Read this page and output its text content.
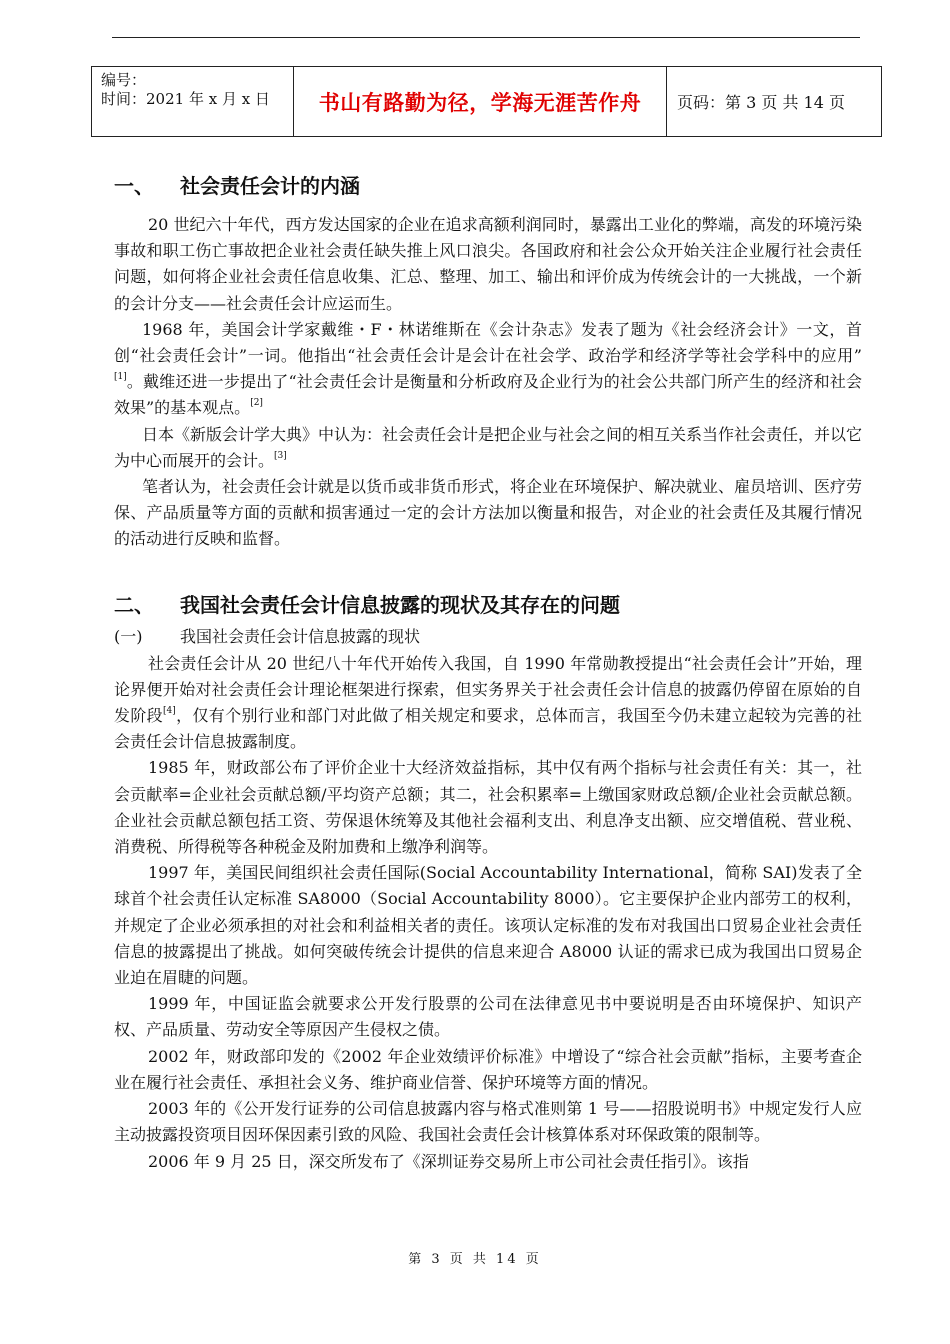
编号：
时间：2021 年 x 月 x 日	书山有路勤为径，学海无涯苦作舟 页码：第 3 页 共 14 页
一、 社会责任会计的内涵

20 世纪六十年代，西方发达国家的企业在追求高额利润同时，暴露出工业化的弊端，高发的环境污染事故和职工伤亡事故把企业社会责任缺失推上风口浪尖。各国政府和社会公众开始关注企业履行社会责任问题，如何将企业社会责任信息收集、汇总、整理、加工、输出和评价成为传统会计的一大挑战，一个新的会计分支——社会责任会计应运而生。

1968 年，美国会计学家戴维・F・林诺维斯在《会计杂志》发表了题为《社会经济会计》一文，首创“社会责任会计”一词。他指出“社会责任会计是会计在社会学、政治学和经济学等社会学科中的应用” [1]。戴维还进一步提出了“社会责任会计是衡量和分析政府及企业行为的社会公共部门所产生的经济和社会效果”的基本观点。[2]

日本《新版会计学大典》中认为：社会责任会计是把企业与社会之间的相互关系当作社会责任，并以它为中心而展开的会计。[3]

笔者认为，社会责任会计就是以货币或非货币形式，将企业在环境保护、解决就业、雇员培训、医疗劳保、产品质量等方面的贡献和损害通过一定的会计方法加以衡量和报告，对企业的社会责任及其履行情况的活动进行反映和监督。

二、 我国社会责任会计信息披露的现状及其存在的问题
(一) 我国社会责任会计信息披露的现状

社会责任会计从 20 世纪八十年代开始传入我国，自 1990 年常勋教授提出“社会责任会计”开始，理论界便开始对社会责任会计理论框架进行探索，但实务界关于社会责任会计信息的披露仍停留在原始的自发阶段[4]，仅有个别行业和部门对此做了相关规定和要求，总体而言，我国至今仍未建立起较为完善的社会责任会计信息披露制度。

1985 年，财政部公布了评价企业十大经济效益指标，其中仅有两个指标与社会责任有关：其一，社会贡献率=企业社会贡献总额/平均资产总额；其二，社会积累率=上缴国家财政总额/企业社会贡献总额。企业社会贡献总额包括工资、劳保退休统筹及其他社会福利支出、利息净支出额、应交增值税、营业税、消费税、所得税等各种税金及附加费和上缴净利润等。

1997 年，美国民间组织社会责任国际(Social Accountability International，简称 SAI)发表了全球首个社会责任认定标准 SA8000（Social Accountability 8000）。它主要保护企业内部劳工的权利，并规定了企业必须承担的对社会和利益相关者的责任。该项认定标准的发布对我国出口贸易企业社会责任信息的披露提出了挑战。如何突破传统会计提供的信息来迎合 A8000 认证的需求已成为我国出口贸易企业迫在眉睫的问题。

1999 年，中国证监会就要求公开发行股票的公司在法律意见书中要说明是否由环境保护、知识产权、产品质量、劳动安全等原因产生侵权之债。

2002 年，财政部印发的《2002 年企业效绩评价标准》中增设了“综合社会贡献”指标，主要考查企业在履行社会责任、承担社会义务、维护商业信誉、保护环境等方面的情况。

2003 年的《公开发行证券的公司信息披露内容与格式准则第 1 号——招股说明书》中规定发行人应主动披露投资项目因环保因素引致的风险、我国社会责任会计核算体系对环保政策的限制等。

2006 年 9 月 25 日，深交所发布了《深圳证券交易所上市公司社会责任指引》。该指

第 3 页 共 14 页
